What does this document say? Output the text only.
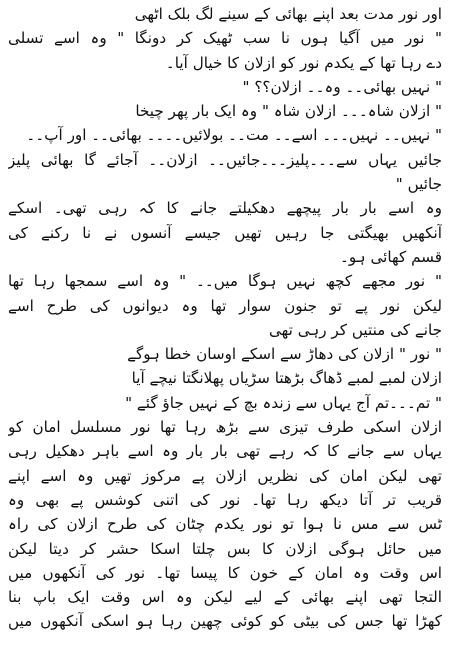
اور نور مدت بعد اپنے بھائی کے سینے لگ بلک اٹھی
" نور میں آگیا ہوں نا سب ٹھیک کر دونگا " وہ اسے تسلی
دے رہا تھا کے یکدم نور کو ازلان کا خیال آیا۔
" نہیں بھائی۔۔ وہ۔۔ ازلان؟؟ "
" ازلان شاہ۔۔۔ ازلان شاہ " وہ ایک بار پھر چیخا
" نہیں۔۔ نہیں۔۔۔ اسے۔۔ مت۔۔ بولائیں۔۔۔۔ بھائی۔۔ اور آپ۔۔
جائیں یہاں سے۔۔۔پلیز۔۔۔جائیں۔۔ ازلان۔۔ آجائے گا بھائی پلیز
جائیں "
وہ اسے بار بار پیچھے دھکیلتے جانے کا کہ رہی تھی۔ اسکے
آنکھیں بھیگتی جا رہیں تھیں جیسے آنسوں نے نا رکنے کی
قسم کھائی ہو۔
" نور مجھے کچھ نہیں ہوگا میں۔۔ " وہ اسے سمجھا رہا تھا
لیکن نور پے تو جنون سوار تھا وہ دیوانوں کی طرح اسے
جانے کی منتیں کر رہی تھی
" نور " ازلان کی دھاڑ سے اسکے اوسان خطا ہوگے
ازلان لمبے لمبے ڈھاگ بڑھتا سڑیاں پھلانگتا نیچے آیا
" تم۔۔۔تم آج یہاں سے زندہ بچ کے نہیں جاؤ گئے "
ازلان اسکی طرف تیزی سے بڑھ رہا تھا نور مسلسل امان کو
یہاں سے جانے کا کہ رہے تھی بار بار وہ اسے باہر دھکیل رہی
تھی لیکن امان کی نظریں ازلان پے مرکوز تھیں وہ اسے اپنے
قریب تر آتا دیکھ رہا تھا۔ نور کی اتنی کوشس پے بھی وہ
ٹس سے مس نا ہوا تو نور یکدم چٹان کی طرح ازلان کی راہ
میں حائل ہوگی ازلان کا بس چلتا اسکا حشر کر دیتا لیکن
اس وقت وہ امان کے خون کا پیسا تھا۔ نور کی آنکھوں میں
التجا تھی اپنے بھائی کے لیے لیکن وہ اس وقت ایک باپ بنا
کھڑا تھا جس کی بیٹی کو کوئی چھین رہا ہو اسکی آنکھوں میں
